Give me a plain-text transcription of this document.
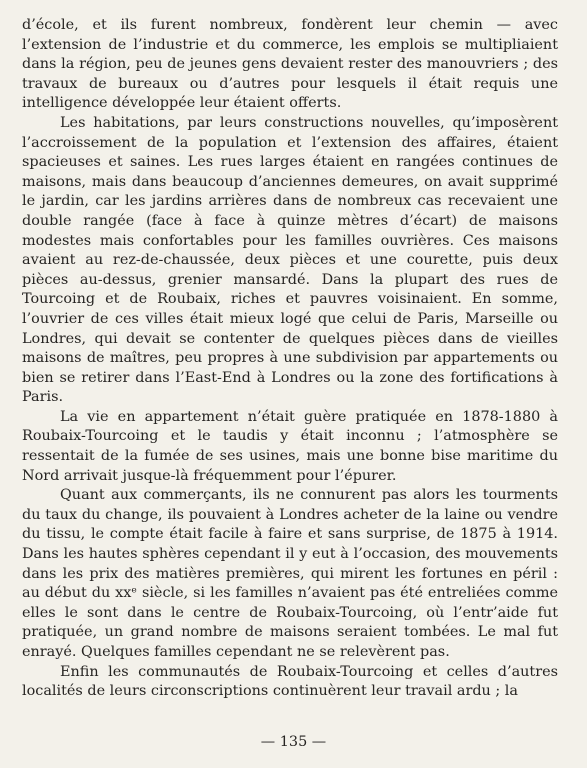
d’école, et ils furent nombreux, fondèrent leur chemin — avec l’extension de l’industrie et du commerce, les emplois se multipliaient dans la région, peu de jeunes gens devaient rester des manouvriers ; des travaux de bureaux ou d’autres pour lesquels il était requis une intelligence développée leur étaient offerts.

Les habitations, par leurs constructions nouvelles, qu’imposèrent l’accroissement de la population et l’extension des affaires, étaient spacieuses et saines. Les rues larges étaient en rangées continues de maisons, mais dans beaucoup d’anciennes demeures, on avait supprimé le jardin, car les jardins arrières dans de nombreux cas recevaient une double rangée (face à face à quinze mètres d’écart) de maisons modestes mais confortables pour les familles ouvrières. Ces maisons avaient au rez-de-chaussée, deux pièces et une courette, puis deux pièces au-dessus, grenier mansardé. Dans la plupart des rues de Tourcoing et de Roubaix, riches et pauvres voisinaient. En somme, l’ouvrier de ces villes était mieux logé que celui de Paris, Marseille ou Londres, qui devait se contenter de quelques pièces dans de vieilles maisons de maîtres, peu propres à une subdivision par appartements ou bien se retirer dans l’East-End à Londres ou la zone des fortifications à Paris.

La vie en appartement n’était guère pratiquée en 1878-1880 à Roubaix-Tourcoing et le taudis y était inconnu ; l’atmosphère se ressentait de la fumée de ses usines, mais une bonne bise maritime du Nord arrivait jusque-là fréquemment pour l’épurer.

Quant aux commerçants, ils ne connurent pas alors les tourments du taux du change, ils pouvaient à Londres acheter de la laine ou vendre du tissu, le compte était facile à faire et sans surprise, de 1875 à 1914. Dans les hautes sphères cependant il y eut à l’occasion, des mouvements dans les prix des matières premières, qui mirent les fortunes en péril : au début du xxᵉ siècle, si les familles n’avaient pas été entreliées comme elles le sont dans le centre de Roubaix-Tourcoing, où l’entr’aide fut pratiquée, un grand nombre de maisons seraient tombées. Le mal fut enrayé. Quelques familles cependant ne se relevèrent pas.

Enfin les communautés de Roubaix-Tourcoing et celles d’autres localités de leurs circonscriptions continuèrent leur travail ardu ; la

— 135 —
